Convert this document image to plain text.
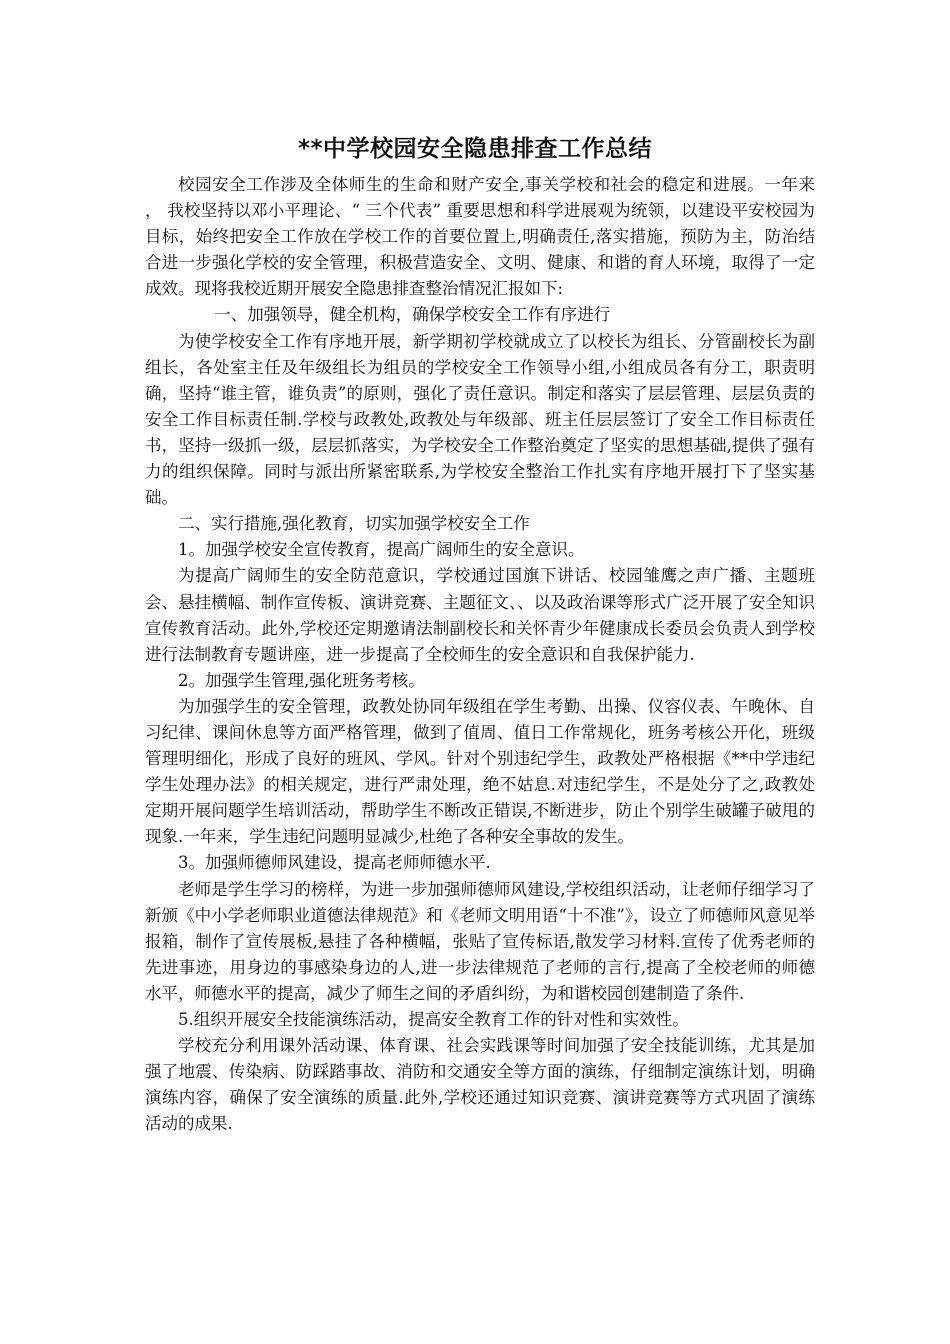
**中学校园安全隐患排查工作总结

校园安全工作涉及全体师生的生命和财产安全,事关学校和社会的稳定和进展。一年来 ， 我校坚持以邓小平理论、“ 三个代表” 重要思想和科学进展观为统领，以建设平安校园为目标，始终把安全工作放在学校工作的首要位置上,明确责任,落实措施，预防为主，防治结合进一步强化学校的安全管理，积极营造安全、文明、健康、和谐的育人环境，取得了一定成效。现将我校近期开展安全隐患排查整治情况汇报如下:

一、加强领导，健全机构，确保学校安全工作有序进行

为使学校安全工作有序地开展，新学期初学校就成立了以校长为组长、分管副校长为副组长，各处室主任及年级组长为组员的学校安全工作领导小组,小组成员各有分工，职责明确，坚持“谁主管，谁负责”的原则，强化了责任意识。制定和落实了层层管理、层层负责的安全工作目标责任制.学校与政教处,政教处与年级部、班主任层层签订了安全工作目标责任书，坚持一级抓一级，层层抓落实，为学校安全工作整治奠定了坚实的思想基础,提供了强有力的组织保障。同时与派出所紧密联系,为学校安全整治工作扎实有序地开展打下了坚实基础。

二、实行措施,强化教育，切实加强学校安全工作

1。加强学校安全宣传教育，提高广阔师生的安全意识。

为提高广阔师生的安全防范意识，学校通过国旗下讲话、校园雏鹰之声广播、主题班会、悬挂横幅、制作宣传板、演讲竞赛、主题征文、、以及政治课等形式广泛开展了安全知识宣传教育活动。此外,学校还定期邀请法制副校长和关怀青少年健康成长委员会负责人到学校进行法制教育专题讲座，进一步提高了全校师生的安全意识和自我保护能力.

2。加强学生管理,强化班务考核。

为加强学生的安全管理，政教处协同年级组在学生考勤、出操、仪容仪表、午晚休、自习纪律、课间休息等方面严格管理，做到了值周、值日工作常规化，班务考核公开化，班级管理明细化，形成了良好的班风、学风。针对个别违纪学生，政教处严格根据《**中学违纪学生处理办法》的相关规定，进行严肃处理，绝不姑息.对违纪学生，不是处分了之,政教处定期开展问题学生培训活动，帮助学生不断改正错误,不断进步，防止个别学生破罐子破甩的现象.一年来，学生违纪问题明显减少,杜绝了各种安全事故的发生。

3。加强师德师风建设，提高老师师德水平.

老师是学生学习的榜样，为进一步加强师德师风建设,学校组织活动，让老师仔细学习了新颁《中小学老师职业道德法律规范》和《老师文明用语“十不准”》，设立了师德师风意见举报箱，制作了宣传展板,悬挂了各种横幅，张贴了宣传标语,散发学习材料.宣传了优秀老师的先进事迹，用身边的事感染身边的人,进一步法律规范了老师的言行,提高了全校老师的师德水平，师德水平的提高，减少了师生之间的矛盾纠纷，为和谐校园创建制造了条件.

5.组织开展安全技能演练活动，提高安全教育工作的针对性和实效性。

学校充分利用课外活动课、体育课、社会实践课等时间加强了安全技能训练，尤其是加强了地震、传染病、防踩踏事故、消防和交通安全等方面的演练，仔细制定演练计划，明确演练内容，确保了安全演练的质量.此外,学校还通过知识竞赛、演讲竞赛等方式巩固了演练活动的成果.
